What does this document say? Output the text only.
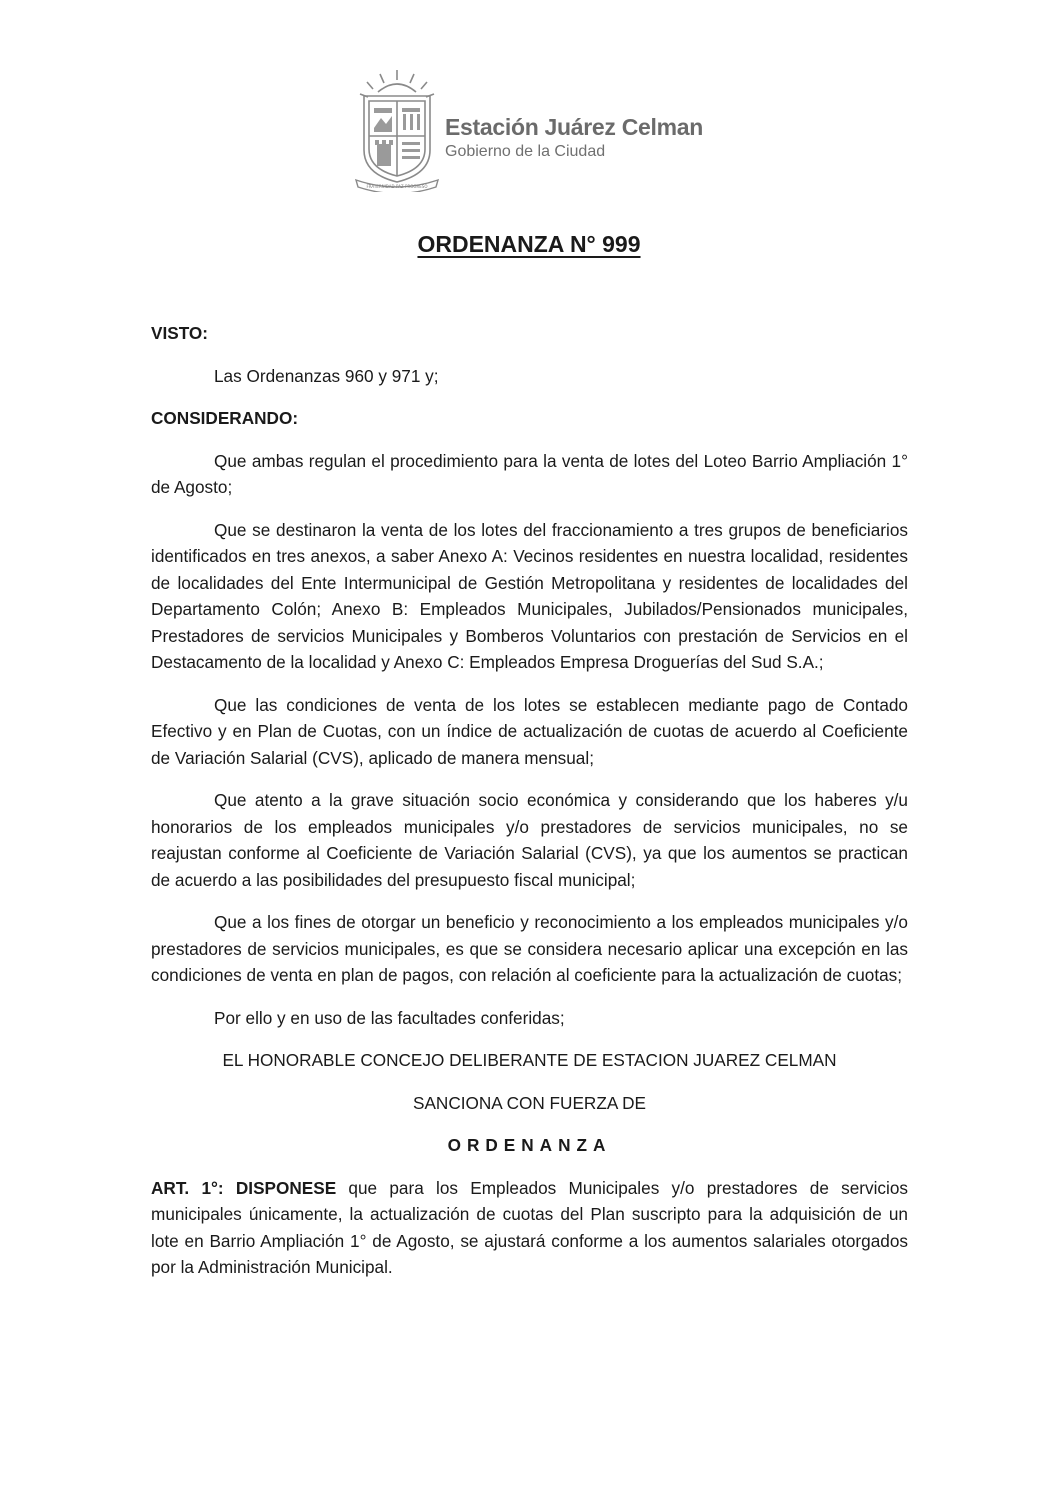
FRATERNIDAD-PAZ-PROGRESO
Estación Juárez Celman
Gobierno de la Ciudad
ORDENANZA N° 999

VISTO:

Las Ordenanzas 960 y 971 y;

CONSIDERANDO:

Que ambas regulan el procedimiento para la venta de lotes del Loteo Barrio Ampliación 1° de Agosto;

Que se destinaron la venta de los lotes del fraccionamiento a tres grupos de beneficiarios identificados en tres anexos, a saber Anexo A: Vecinos residentes en nuestra localidad, residentes de localidades del Ente Intermunicipal de Gestión Metropolitana y residentes de localidades del Departamento Colón; Anexo B: Empleados Municipales, Jubilados/Pensionados municipales, Prestadores de servicios Municipales y Bomberos Voluntarios con prestación de Servicios en el Destacamento de la localidad y Anexo C: Empleados Empresa Droguerías del Sud S.A.;

Que las condiciones de venta de los lotes se establecen mediante pago de Contado Efectivo y en Plan de Cuotas, con un índice de actualización de cuotas de acuerdo al Coeficiente de Variación Salarial (CVS), aplicado de manera mensual;

Que atento a la grave situación socio económica y considerando que los haberes y/u honorarios de los empleados municipales y/o prestadores de servicios municipales, no se reajustan conforme al Coeficiente de Variación Salarial (CVS), ya que los aumentos se practican de acuerdo a las posibilidades del presupuesto fiscal municipal;

Que a los fines de otorgar un beneficio y reconocimiento a los empleados municipales y/o prestadores de servicios municipales, es que se considera necesario aplicar una excepción en las condiciones de venta en plan de pagos, con relación al coeficiente para la actualización de cuotas;

Por ello y en uso de las facultades conferidas;

EL HONORABLE CONCEJO DELIBERANTE DE ESTACION JUAREZ CELMAN

SANCIONA CON FUERZA DE

ORDENANZA

ART. 1°: DISPONESE que para los Empleados Municipales y/o prestadores de servicios municipales únicamente, la actualización de cuotas del Plan suscripto para la adquisición de un lote en Barrio Ampliación 1° de Agosto, se ajustará conforme a los aumentos salariales otorgados por la Administración Municipal.
